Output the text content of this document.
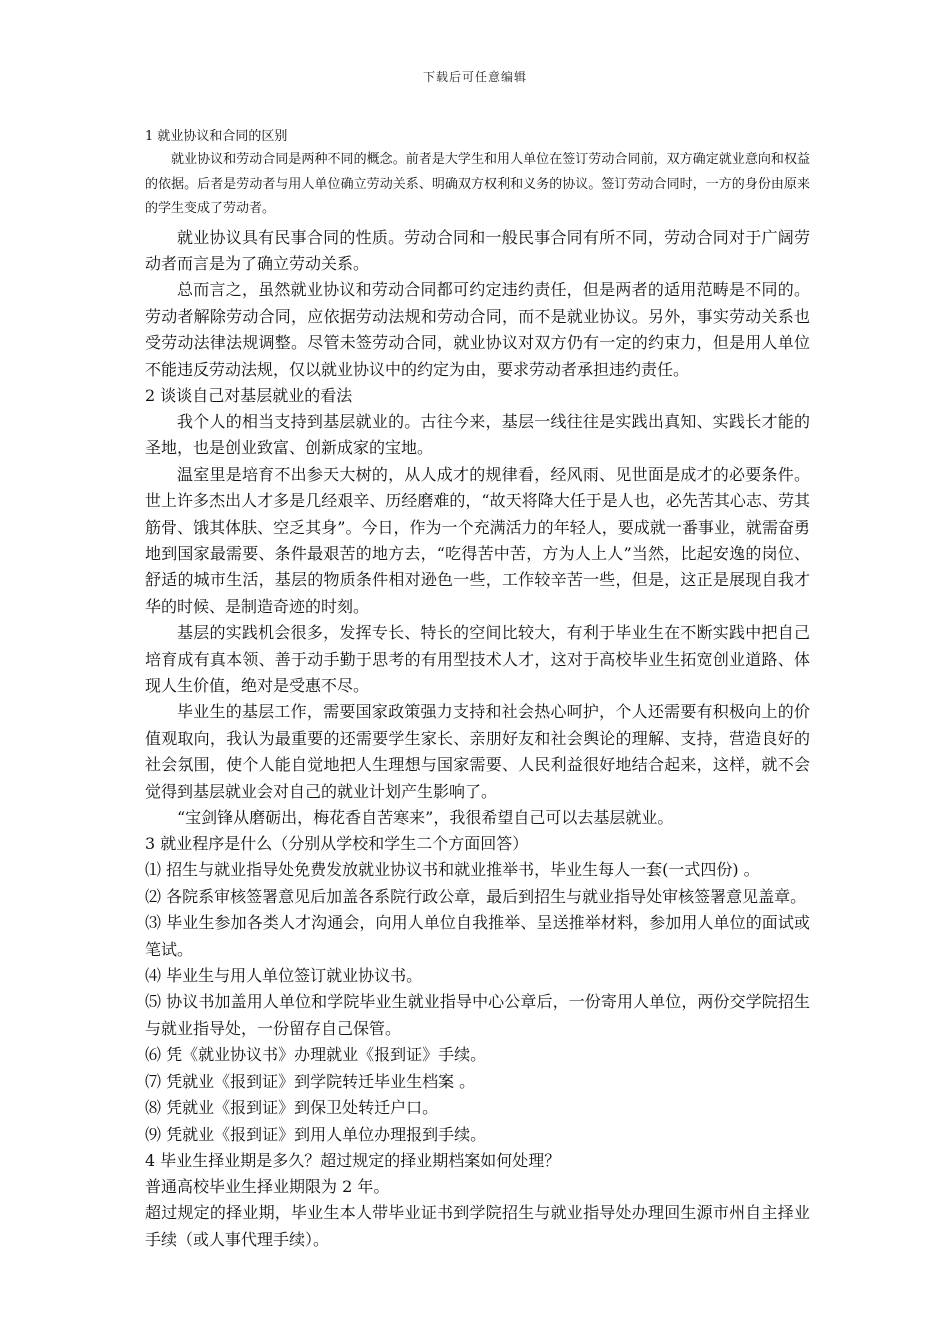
下载后可任意编辑

1 就业协议和合同的区别

就业协议和劳动合同是两种不同的概念。前者是大学生和用人单位在签订劳动合同前，双方确定就业意向和权益的依据。后者是劳动者与用人单位确立劳动关系、明确双方权利和义务的协议。签订劳动合同时，一方的身份由原来的学生变成了劳动者。

就业协议具有民事合同的性质。劳动合同和一般民事合同有所不同，劳动合同对于广阔劳动者而言是为了确立劳动关系。

总而言之，虽然就业协议和劳动合同都可约定违约责任，但是两者的适用范畴是不同的。劳动者解除劳动合同，应依据劳动法规和劳动合同，而不是就业协议。另外，事实劳动关系也受劳动法律法规调整。尽管未签劳动合同，就业协议对双方仍有一定的约束力，但是用人单位不能违反劳动法规，仅以就业协议中的约定为由，要求劳动者承担违约责任。

2 谈谈自己对基层就业的看法

我个人的相当支持到基层就业的。古往今来，基层一线往往是实践出真知、实践长才能的圣地，也是创业致富、创新成家的宝地。

温室里是培育不出参天大树的，从人成才的规律看，经风雨、见世面是成才的必要条件。世上许多杰出人才多是几经艰辛、历经磨难的，“故天将降大任于是人也，必先苦其心志、劳其筋骨、饿其体肤、空乏其身”。今日，作为一个充满活力的年轻人，要成就一番事业，就需奋勇地到国家最需要、条件最艰苦的地方去，“吃得苦中苦，方为人上人”当然，比起安逸的岗位、舒适的城市生活，基层的物质条件相对逊色一些，工作较辛苦一些，但是，这正是展现自我才华的时候、是制造奇迹的时刻。

基层的实践机会很多，发挥专长、特长的空间比较大，有利于毕业生在不断实践中把自己培育成有真本领、善于动手勤于思考的有用型技术人才，这对于高校毕业生拓宽创业道路、体现人生价值，绝对是受惠不尽。

毕业生的基层工作，需要国家政策强力支持和社会热心呵护，个人还需要有积极向上的价值观取向，我认为最重要的还需要学生家长、亲朋好友和社会舆论的理解、支持，营造良好的社会氛围，使个人能自觉地把人生理想与国家需要、人民利益很好地结合起来，这样，就不会觉得到基层就业会对自己的就业计划产生影响了。

“宝剑锋从磨砺出，梅花香自苦寒来”，我很希望自己可以去基层就业。

3 就业程序是什么（分别从学校和学生二个方面回答）

⑴ 招生与就业指导处免费发放就业协议书和就业推举书，毕业生每人一套(一式四份) 。

⑵ 各院系审核签署意见后加盖各系院行政公章，最后到招生与就业指导处审核签署意见盖章。

⑶ 毕业生参加各类人才沟通会，向用人单位自我推举、呈送推举材料，参加用人单位的面试或笔试。

⑷ 毕业生与用人单位签订就业协议书。

⑸ 协议书加盖用人单位和学院毕业生就业指导中心公章后，一份寄用人单位，两份交学院招生与就业指导处，一份留存自己保管。

⑹ 凭《就业协议书》办理就业《报到证》手续。

⑺ 凭就业《报到证》到学院转迁毕业生档案 。

⑻ 凭就业《报到证》到保卫处转迁户口。

⑼ 凭就业《报到证》到用人单位办理报到手续。

4 毕业生择业期是多久？超过规定的择业期档案如何处理？

普通高校毕业生择业期限为 2 年。

超过规定的择业期，毕业生本人带毕业证书到学院招生与就业指导处办理回生源市州自主择业手续（或人事代理手续）。
